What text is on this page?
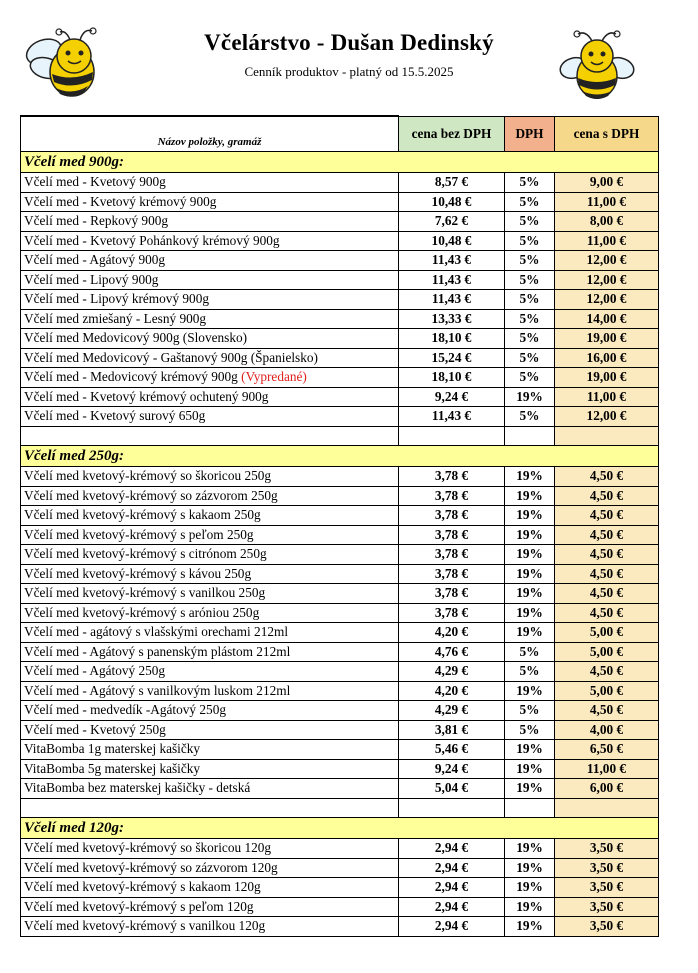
Včelárstvo - Dušan Dedinský
Cenník produktov - platný od 15.5.2025
Názov položky, gramáž	cena bez DPH	DPH	cena s DPH
Včelí med 900g:			
Včelí med - Kvetový 900g	8,57 €	5%	9,00 €
Včelí med - Kvetový krémový 900g	10,48 €	5%	11,00 €
Včelí med - Repkový 900g	7,62 €	5%	8,00 €
Včelí med - Kvetový Pohánkový krémový 900g	10,48 €	5%	11,00 €
Včelí med - Agátový 900g	11,43 €	5%	12,00 €
Včelí med - Lipový 900g	11,43 €	5%	12,00 €
Včelí med - Lipový krémový 900g	11,43 €	5%	12,00 €
Včelí med zmiešaný - Lesný 900g	13,33 €	5%	14,00 €
Včelí med Medovicový 900g (Slovensko)	18,10 €	5%	19,00 €
Včelí med Medovicový - Gaštanový 900g (Španielsko)	15,24 €	5%	16,00 €
Včelí med - Medovicový krémový 900g (Vypredané)	18,10 €	5%	19,00 €
Včelí med - Kvetový krémový ochutený 900g	9,24 €	19%	11,00 €
Včelí med - Kvetový surový 650g	11,43 €	5%	12,00 €

Včelí med 250g:			
Včelí med kvetový-krémový so škoricou 250g	3,78 €	19%	4,50 €
Včelí med kvetový-krémový so zázvorom 250g	3,78 €	19%	4,50 €
Včelí med kvetový-krémový s kakaom 250g	3,78 €	19%	4,50 €
Včelí med kvetový-krémový s peľom 250g	3,78 €	19%	4,50 €
Včelí med kvetový-krémový s citrónom 250g	3,78 €	19%	4,50 €
Včelí med kvetový-krémový s kávou 250g	3,78 €	19%	4,50 €
Včelí med kvetový-krémový s vanilkou 250g	3,78 €	19%	4,50 €
Včelí med kvetový-krémový s aróniou 250g	3,78 €	19%	4,50 €
Včelí med - agátový s vlašskými orechami 212ml	4,20 €	19%	5,00 €
Včelí med - Agátový s panenským plástom 212ml	4,76 €	5%	5,00 €
Včelí med - Agátový 250g	4,29 €	5%	4,50 €
Včelí med - Agátový s vanilkovým luskom 212ml	4,20 €	19%	5,00 €
Včelí med - medvedík -Agátový 250g	4,29 €	5%	4,50 €
Včelí med - Kvetový 250g	3,81 €	5%	4,00 €
VitaBomba 1g materskej kašičky	5,46 €	19%	6,50 €
VitaBomba 5g materskej kašičky	9,24 €	19%	11,00 €
VitaBomba bez materskej kašičky - detská	5,04 €	19%	6,00 €

Včelí med 120g:			
Včelí med kvetový-krémový so škoricou 120g	2,94 €	19%	3,50 €
Včelí med kvetový-krémový so zázvorom 120g	2,94 €	19%	3,50 €
Včelí med kvetový-krémový s kakaom 120g	2,94 €	19%	3,50 €
Včelí med kvetový-krémový s peľom 120g	2,94 €	19%	3,50 €
Včelí med kvetový-krémový s vanilkou 120g	2,94 €	19%	3,50 €
